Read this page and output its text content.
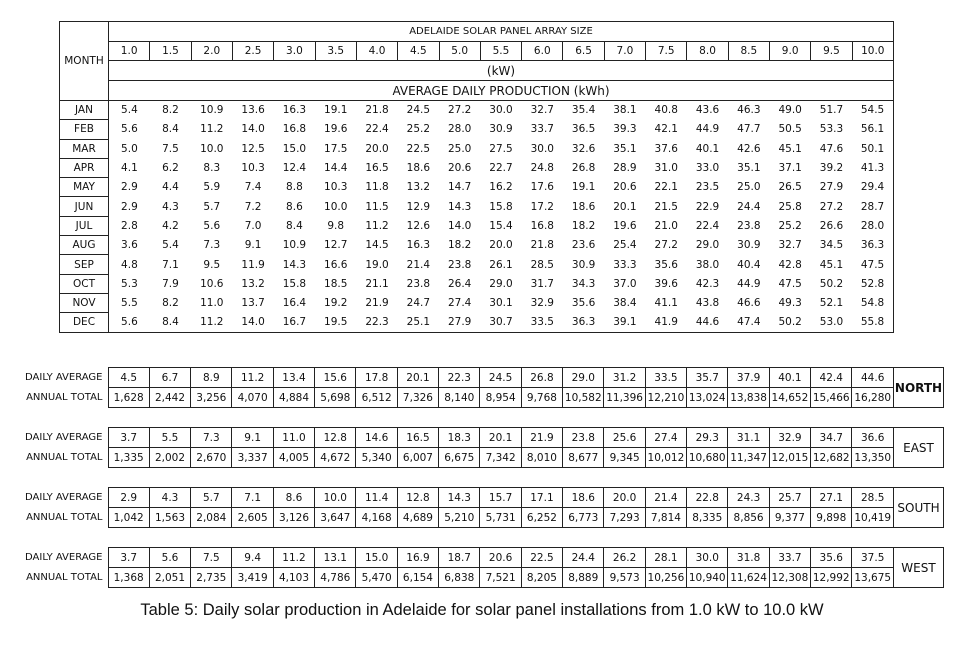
MONTH	ADELAIDE SOLAR PANEL ARRAY SIZE																		
	1.0	1.5	2.0	2.5	3.0	3.5	4.0	4.5	5.0	5.5	6.0	6.5	7.0	7.5	8.0	8.5	9.0	9.5	10.0
	(kW)																		
	AVERAGE DAILY PRODUCTION (kWh)																		
JAN	5.4	8.2	10.9	13.6	16.3	19.1	21.8	24.5	27.2	30.0	32.7	35.4	38.1	40.8	43.6	46.3	49.0	51.7	54.5
FEB	5.6	8.4	11.2	14.0	16.8	19.6	22.4	25.2	28.0	30.9	33.7	36.5	39.3	42.1	44.9	47.7	50.5	53.3	56.1
MAR	5.0	7.5	10.0	12.5	15.0	17.5	20.0	22.5	25.0	27.5	30.0	32.6	35.1	37.6	40.1	42.6	45.1	47.6	50.1
APR	4.1	6.2	8.3	10.3	12.4	14.4	16.5	18.6	20.6	22.7	24.8	26.8	28.9	31.0	33.0	35.1	37.1	39.2	41.3
MAY	2.9	4.4	5.9	7.4	8.8	10.3	11.8	13.2	14.7	16.2	17.6	19.1	20.6	22.1	23.5	25.0	26.5	27.9	29.4
JUN	2.9	4.3	5.7	7.2	8.6	10.0	11.5	12.9	14.3	15.8	17.2	18.6	20.1	21.5	22.9	24.4	25.8	27.2	28.7
JUL	2.8	4.2	5.6	7.0	8.4	9.8	11.2	12.6	14.0	15.4	16.8	18.2	19.6	21.0	22.4	23.8	25.2	26.6	28.0
AUG	3.6	5.4	7.3	9.1	10.9	12.7	14.5	16.3	18.2	20.0	21.8	23.6	25.4	27.2	29.0	30.9	32.7	34.5	36.3
SEP	4.8	7.1	9.5	11.9	14.3	16.6	19.0	21.4	23.8	26.1	28.5	30.9	33.3	35.6	38.0	40.4	42.8	45.1	47.5
OCT	5.3	7.9	10.6	13.2	15.8	18.5	21.1	23.8	26.4	29.0	31.7	34.3	37.0	39.6	42.3	44.9	47.5	50.2	52.8
NOV	5.5	8.2	11.0	13.7	16.4	19.2	21.9	24.7	27.4	30.1	32.9	35.6	38.4	41.1	43.8	46.6	49.3	52.1	54.8
DEC	5.6	8.4	11.2	14.0	16.7	19.5	22.3	25.1	27.9	30.7	33.5	36.3	39.1	41.9	44.6	47.4	50.2	53.0	55.8
DAILY AVERAGE	4.5	6.7	8.9	11.2	13.4	15.6	17.8	20.1	22.3	24.5	26.8	29.0	31.2	33.5	35.7	37.9	40.1	42.4	44.6	NORTH
ANNUAL TOTAL	1,628	2,442	3,256	4,070	4,884	5,698	6,512	7,326	8,140	8,954	9,768	10,582	11,396	12,210	13,024	13,838	14,652	15,466	16,280	
DAILY AVERAGE	3.7	5.5	7.3	9.1	11.0	12.8	14.6	16.5	18.3	20.1	21.9	23.8	25.6	27.4	29.3	31.1	32.9	34.7	36.6	EAST
ANNUAL TOTAL	1,335	2,002	2,670	3,337	4,005	4,672	5,340	6,007	6,675	7,342	8,010	8,677	9,345	10,012	10,680	11,347	12,015	12,682	13,350	
DAILY AVERAGE	2.9	4.3	5.7	7.1	8.6	10.0	11.4	12.8	14.3	15.7	17.1	18.6	20.0	21.4	22.8	24.3	25.7	27.1	28.5	SOUTH
ANNUAL TOTAL	1,042	1,563	2,084	2,605	3,126	3,647	4,168	4,689	5,210	5,731	6,252	6,773	7,293	7,814	8,335	8,856	9,377	9,898	10,419	
DAILY AVERAGE	3.7	5.6	7.5	9.4	11.2	13.1	15.0	16.9	18.7	20.6	22.5	24.4	26.2	28.1	30.0	31.8	33.7	35.6	37.5	WEST
ANNUAL TOTAL	1,368	2,051	2,735	3,419	4,103	4,786	5,470	6,154	6,838	7,521	8,205	8,889	9,573	10,256	10,940	11,624	12,308	12,992	13,675	
Table 5: Daily solar production in Adelaide for solar panel installations from 1.0 kW to 10.0 kW
